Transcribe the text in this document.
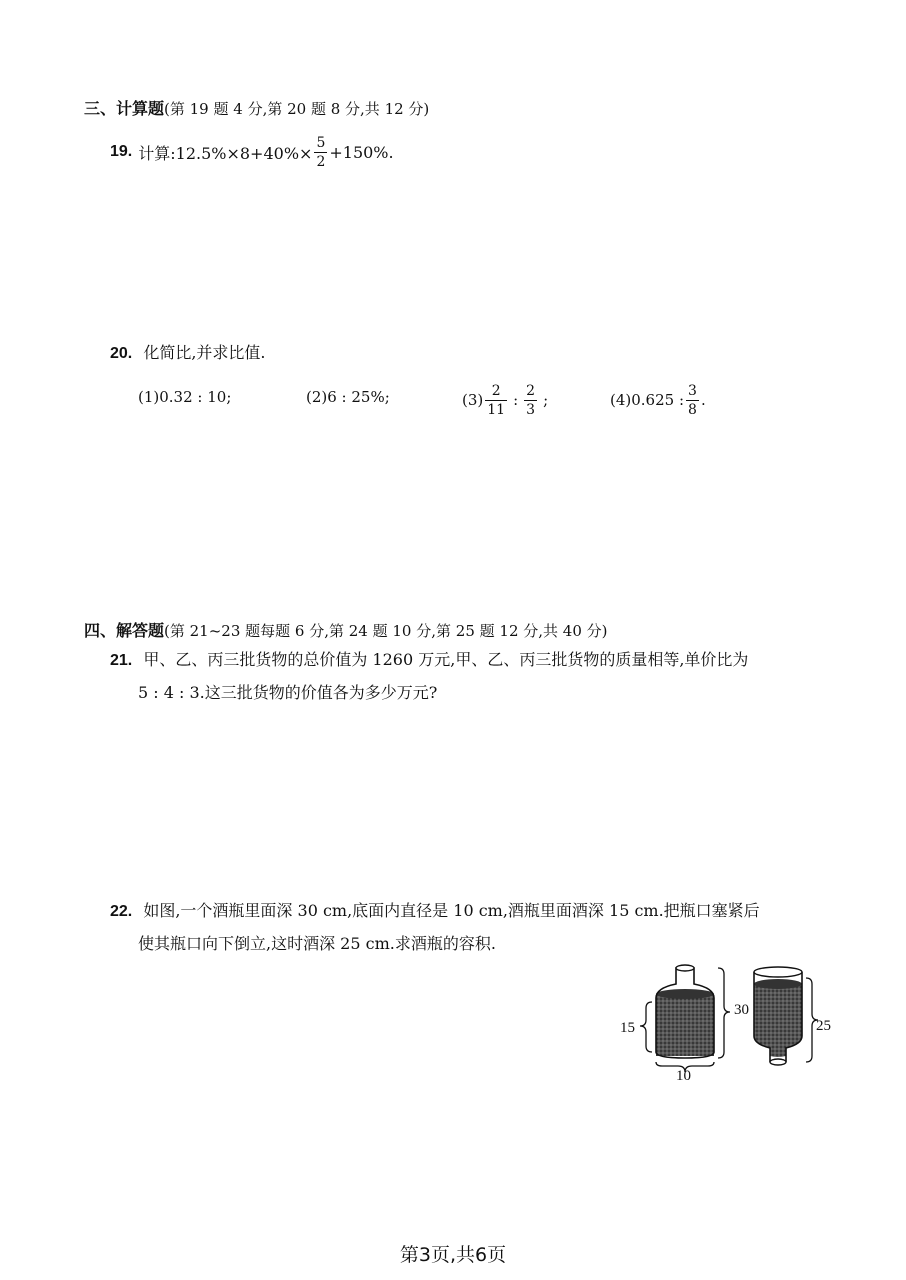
三、计算题(第 19 题 4 分,第 20 题 8 分,共 12 分)
19. 计算:12.5%×8+40%× $\frac{5}{2} +150\%$.
20. 化简比,并求比值.
(1)0.32 : 10;	(2)6 : 25%;	$(3) \frac{2}{11}$ : $\frac{2}{3}$ ;	(4)0.625 : $\frac{3}{8}$ .
四、解答题(第 21~23 题每题 6 分,第 24 题 10 分,第 25 题 12 分,共 40 分)
21. 甲、乙、丙三批货物的总价值为 1260 万元,甲、乙、丙三批货物的质量相等,单价比为
5 : 4 : 3.这三批货物的价值各为多少万元?
22. 如图,一个酒瓶里面深 30 cm,底面内直径是 10 cm,酒瓶里面酒深 15 cm.把瓶口塞紧后
使其瓶口向下倒立,这时酒深 25 cm.求酒瓶的容积.
30
15
10
25
第3页,共6页
